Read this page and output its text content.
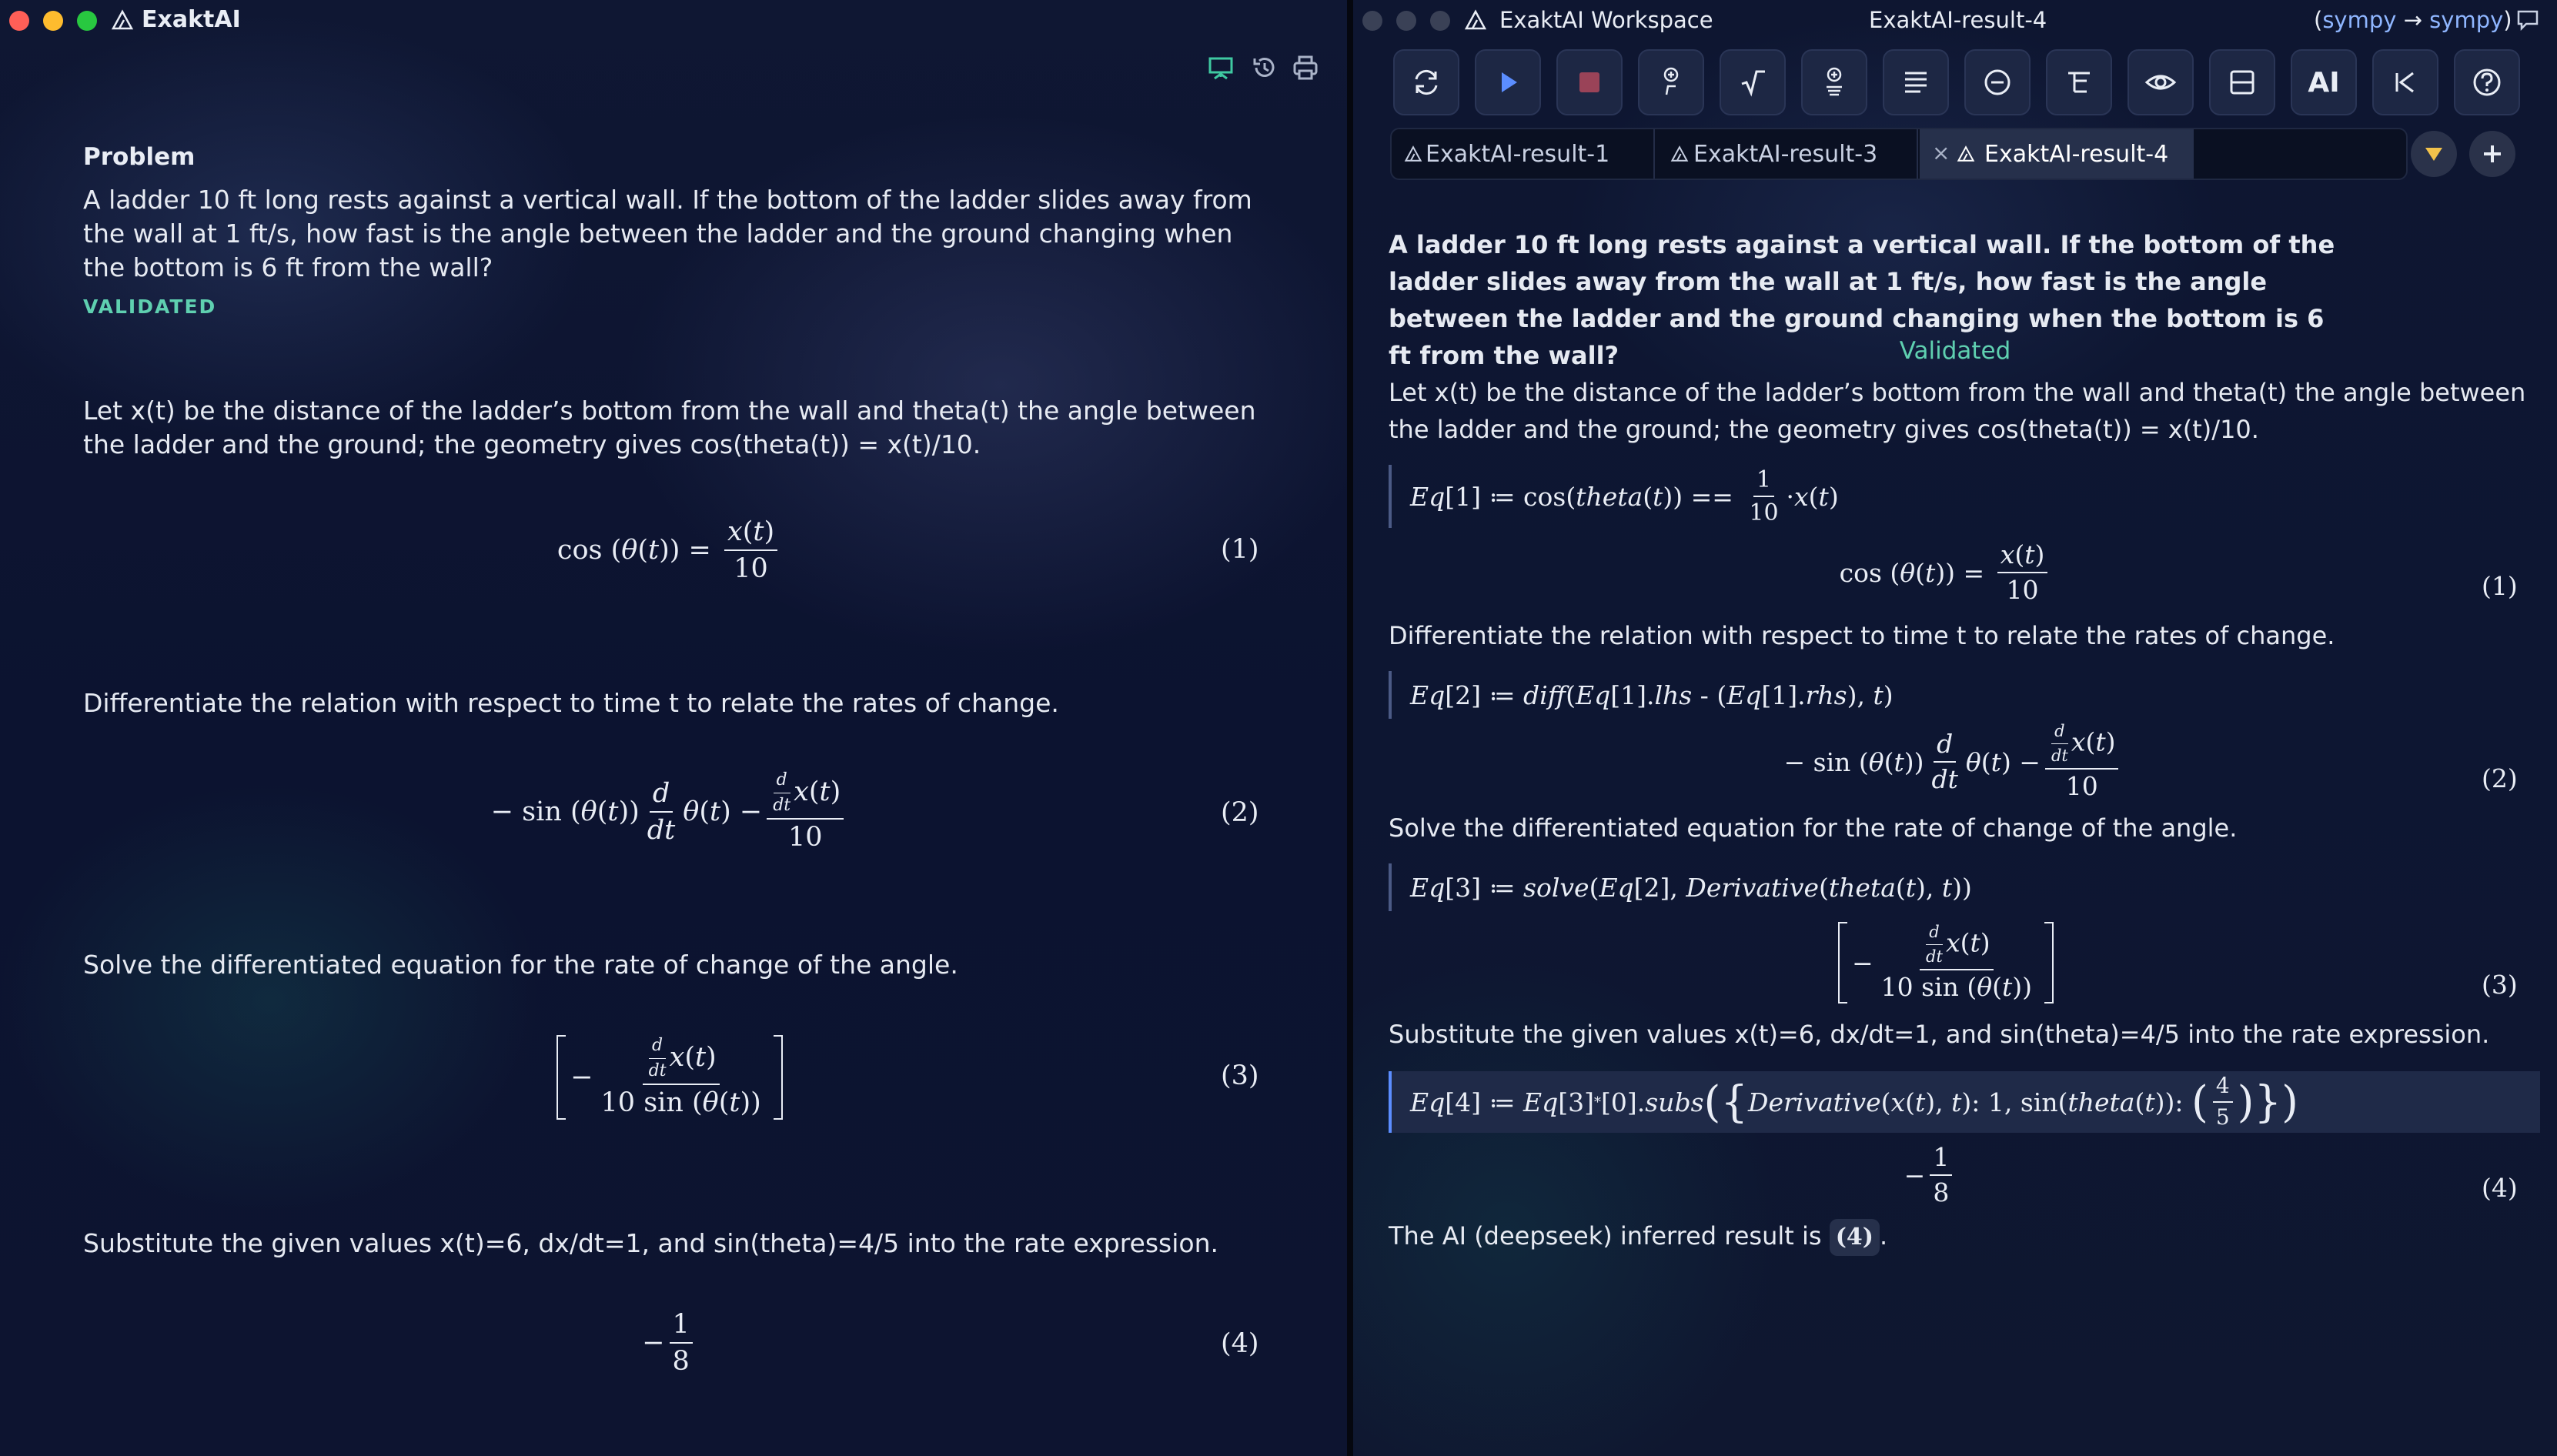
ExaktAI
Problem
A ladder 10 ft long rests against a vertical wall. If the bottom of the ladder slides away from the wall at 1 ft/s, how fast is the angle between the ladder and the ground changing when the bottom is 6 ft from the wall?
VALIDATED
Let x(t) be the distance of the ladder’s bottom from the wall and theta(t) the angle between the ladder and the ground; the geometry gives cos(theta(t)) = x(t)/10.
cos ( θ ( t )) = $\frac{x(t)}{10}$	(1)
Differentiate the relation with respect to time t to relate the rates of change.
− sin ( θ ( t )) $\frac{d}{dt}$ θ ( t ) − $\frac{\frac{d}{dt} x(t)}{10}$	(2)
Solve the differentiated equation for the rate of change of the angle.
− $\frac{\frac{d}{dt} x(t)}{10 \sin (\theta(t))}$	(3)
Substitute the given values x(t)=6, dx/dt=1, and sin(theta)=4/5 into the rate expression.
− $\frac{1}{8}$	(4)
ExaktAI Workspace	ExaktAI-result-4	(sympy → sympy)
AI
ExaktAI-result-1	ExaktAI-result-3	× ExaktAI-result-4
A ladder 10 ft long rests against a vertical wall. If the bottom of the ladder slides away from the wall at 1 ft/s, how fast is the angle between the ladder and the ground changing when the bottom is 6 ft from the wall?	Validated
Let x(t) be the distance of the ladder’s bottom from the wall and theta(t) the angle between the ladder and the ground; the geometry gives cos(theta(t)) = x(t)/10.
Eq [1] ≔ cos( theta ( t )) == $\frac{1}{10} \cdot x$ ( t )
cos ( θ ( t )) = $\frac{x(t)}{10}$	(1)
Differentiate the relation with respect to time t to relate the rates of change.
Eq [2] ≔ diff ( Eq [1]. lhs - ( Eq [1]. rhs ), t )
− sin ( θ ( t )) $\frac{d}{dt}$ θ ( t ) − $\frac{\frac{d}{dt} x(t)}{10}$	(2)
Solve the differentiated equation for the rate of change of the angle.
Eq [3] ≔ solve ( Eq [2], Derivative ( theta ( t ), t ))
− $\frac{\frac{d}{dt} x(t)}{10 \sin (\theta(t))}$	(3)
Substitute the given values x(t)=6, dx/dt=1, and sin(theta)=4/5 into the rate expression.
Eq [4] ≔ Eq [3] * [0]. subs ( { Derivative ( x ( t ), t ): 1, sin( theta ( t )): ( $\frac{4}{5}$ ) } )
− $\frac{1}{8}$	(4)
The AI (deepseek) inferred result is (4) .
